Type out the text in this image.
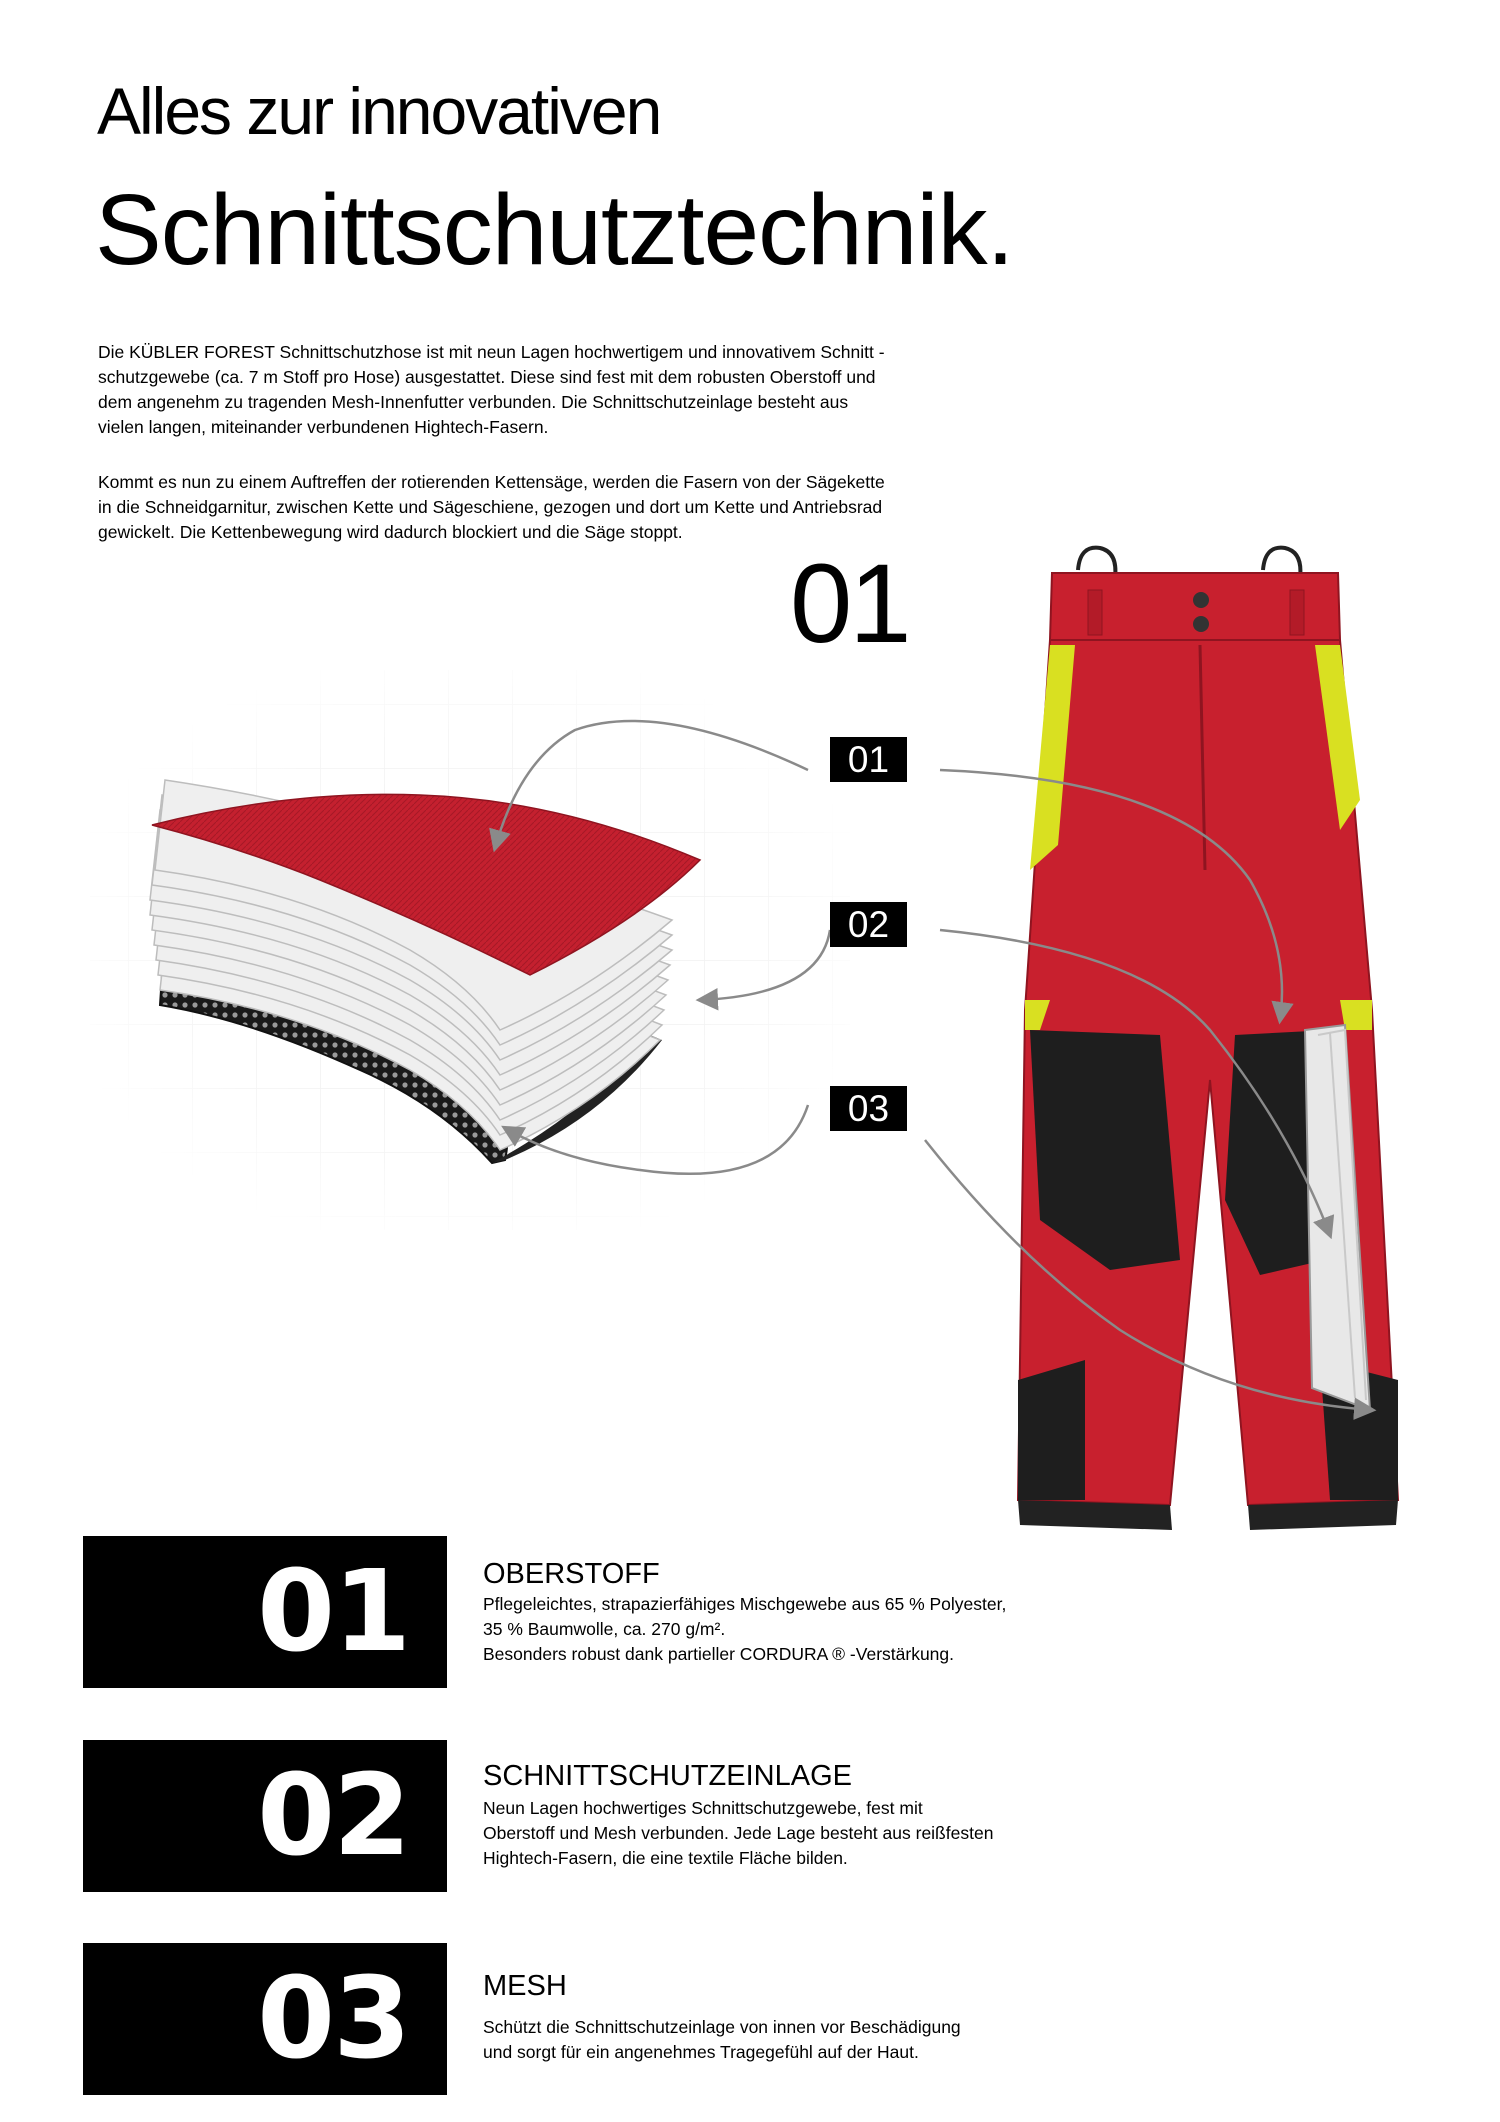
Alles zur innovativen
Schnittschutztechnik.

Die KÜBLER FOREST Schnittschutzhose ist mit neun Lagen hochwertigem und innovativem Schnitt -
schutzgewebe (ca. 7 m Stoff pro Hose) ausgestattet. Diese sind fest mit dem robusten Oberstoff und
dem angenehm zu tragenden Mesh-Innenfutter verbunden. Die Schnittschutzeinlage besteht aus
vielen langen, miteinander verbundenen Hightech-Fasern.

Kommt es nun zu einem Auftreffen der rotierenden Kettensäge, werden die Fasern von der Sägekette
in die Schneidgarnitur, zwischen Kette und Sägeschiene, gezogen und dort um Kette und Antriebsrad
gewickelt. Die Kettenbewegung wird dadurch blockiert und die Säge stoppt.

01
01
02
03
01	OBERSTOFF

Pflegeleichtes, strapazierfähiges Mischgewebe aus 65 % Polyester,
35 % Baumwolle, ca. 270 g/m².
Besonders robust dank partieller CORDURA ® -Verstärkung.

02	SCHNITTSCHUTZEINLAGE

Neun Lagen hochwertiges Schnittschutzgewebe, fest mit
Oberstoff und Mesh verbunden. Jede Lage besteht aus reißfesten
Hightech-Fasern, die eine textile Fläche bilden.

03	MESH

Schützt die Schnittschutzeinlage von innen vor Beschädigung
und sorgt für ein angenehmes Tragegefühl auf der Haut.
